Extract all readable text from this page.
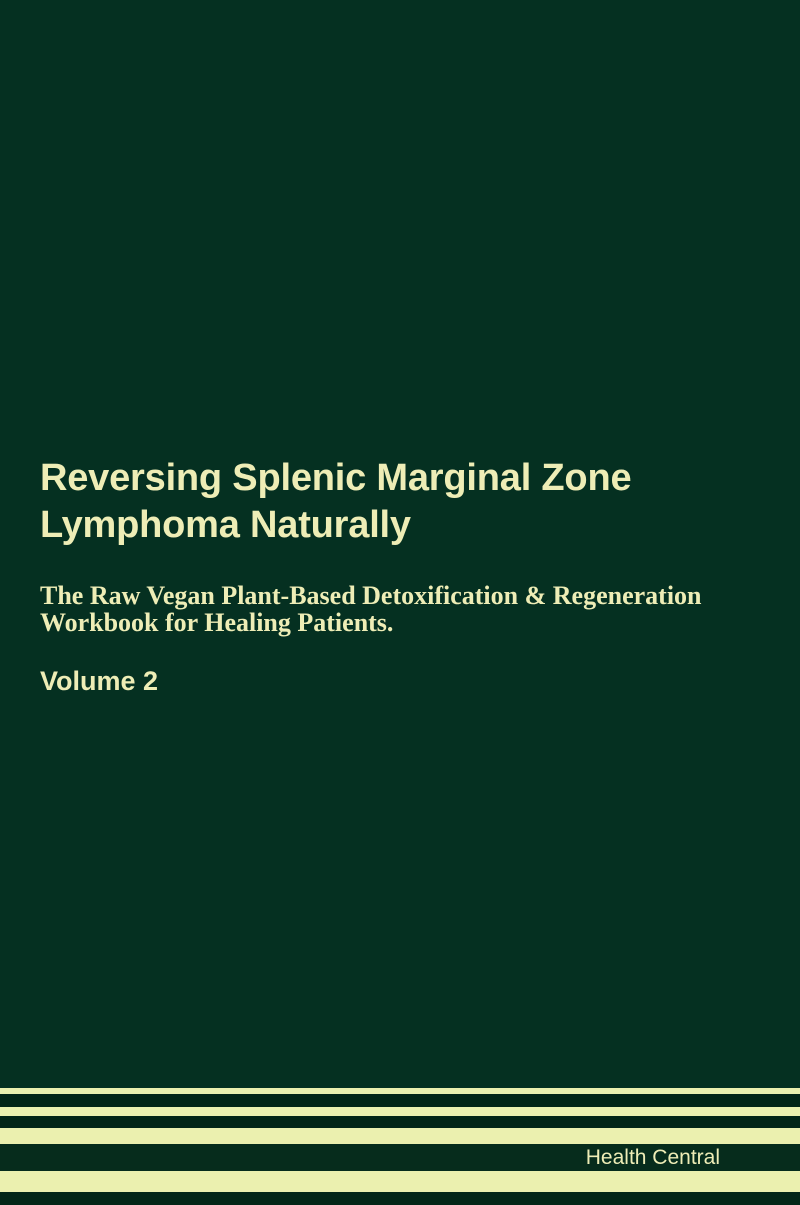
Reversing Splenic Marginal Zone
Lymphoma Naturally

The Raw Vegan Plant-Based Detoxification & Regeneration
Workbook for Healing Patients.

Volume 2

Health Central
